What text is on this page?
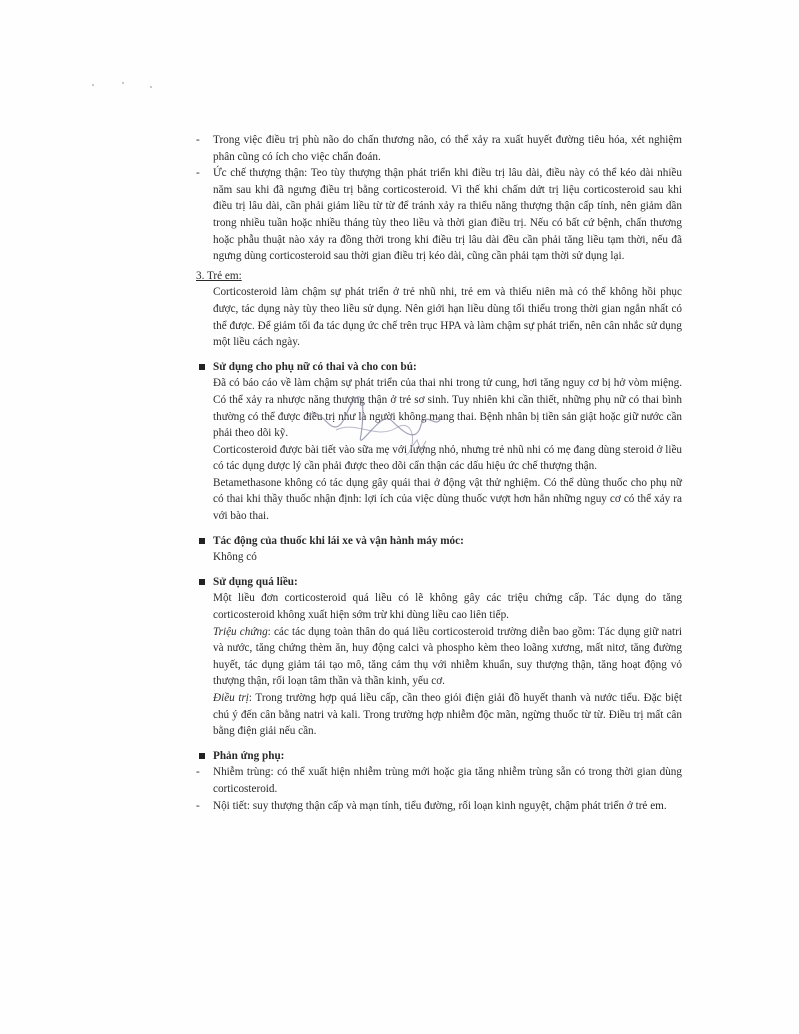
- Trong việc điều trị phù não do chấn thương não, có thể xảy ra xuất huyết đường tiêu hóa, xét nghiệm phân cũng có ích cho việc chẩn đoán.

- Ức chế thượng thận: Teo tùy thượng thận phát triển khi điều trị lâu dài, điều này có thể kéo dài nhiều năm sau khi đã ngưng điều trị bằng corticosteroid. Vì thế khi chấm dứt trị liệu corticosteroid sau khi điều trị lâu dài, cần phải giảm liều từ từ để tránh xảy ra thiểu năng thượng thận cấp tính, nên giảm dần trong nhiều tuần hoặc nhiều tháng tùy theo liều và thời gian điều trị. Nếu có bất cứ bệnh, chấn thương hoặc phẫu thuật nào xảy ra đồng thời trong khi điều trị lâu dài đều cần phải tăng liều tạm thời, nếu đã ngưng dùng corticosteroid sau thời gian điều trị kéo dài, cũng cần phải tạm thời sử dụng lại.

3. Trẻ em:

Corticosteroid làm chậm sự phát triển ở trẻ nhũ nhi, trẻ em và thiếu niên mà có thể không hồi phục được, tác dụng này tùy theo liều sử dụng. Nên giới hạn liều dùng tối thiểu trong thời gian ngắn nhất có thể được. Để giảm tối đa tác dụng ức chế trên trục HPA và làm chậm sự phát triển, nên cân nhắc sử dụng một liều cách ngày.

Sử dụng cho phụ nữ có thai và cho con bú:

Đã có báo cáo về làm chậm sự phát triển của thai nhi trong tử cung, hơi tăng nguy cơ bị hở vòm miệng. Có thể xảy ra nhược năng thượng thận ở trẻ sơ sinh. Tuy nhiên khi cần thiết, những phụ nữ có thai bình thường có thể được điều trị như là người không mang thai. Bệnh nhân bị tiền sản giật hoặc giữ nước cần phải theo dõi kỹ.

Corticosteroid được bài tiết vào sữa mẹ với lượng nhỏ, nhưng trẻ nhũ nhi có mẹ đang dùng steroid ở liều có tác dụng dược lý cần phải được theo dõi cẩn thận các dấu hiệu ức chế thượng thận.

Betamethasone không có tác dụng gây quái thai ở động vật thử nghiệm. Có thể dùng thuốc cho phụ nữ có thai khi thầy thuốc nhận định: lợi ích của việc dùng thuốc vượt hơn hẳn những nguy cơ có thể xảy ra với bào thai.

Tác động của thuốc khi lái xe và vận hành máy móc:

Không có

Sử dụng quá liều:

Một liều đơn corticosteroid quá liều có lẽ không gây các triệu chứng cấp. Tác dụng do tăng corticosteroid không xuất hiện sớm trừ khi dùng liều cao liên tiếp.

Triệu chứng: các tác dụng toàn thân do quá liều corticosteroid trường diễn bao gồm: Tác dụng giữ natri và nước, tăng chứng thèm ăn, huy động calci và phospho kèm theo loãng xương, mất nitơ, tăng đường huyết, tác dụng giảm tái tạo mô, tăng cảm thụ với nhiễm khuẩn, suy thượng thận, tăng hoạt động vỏ thượng thận, rối loạn tâm thần và thần kinh, yếu cơ.

Điều trị: Trong trường hợp quá liều cấp, cần theo giỏi điện giải đồ huyết thanh và nước tiểu. Đặc biệt chú ý đến cân bằng natri và kali. Trong trường hợp nhiễm độc mãn, ngừng thuốc từ từ. Điều trị mất cân bằng điện giải nếu cần.

Phản ứng phụ:
- Nhiễm trùng: có thể xuất hiện nhiễm trùng mới hoặc gia tăng nhiễm trùng sẵn có trong thời gian dùng corticosteroid.

- Nội tiết: suy thượng thận cấp và mạn tính, tiểu đường, rối loạn kinh nguyệt, chậm phát triển ở trẻ em.
